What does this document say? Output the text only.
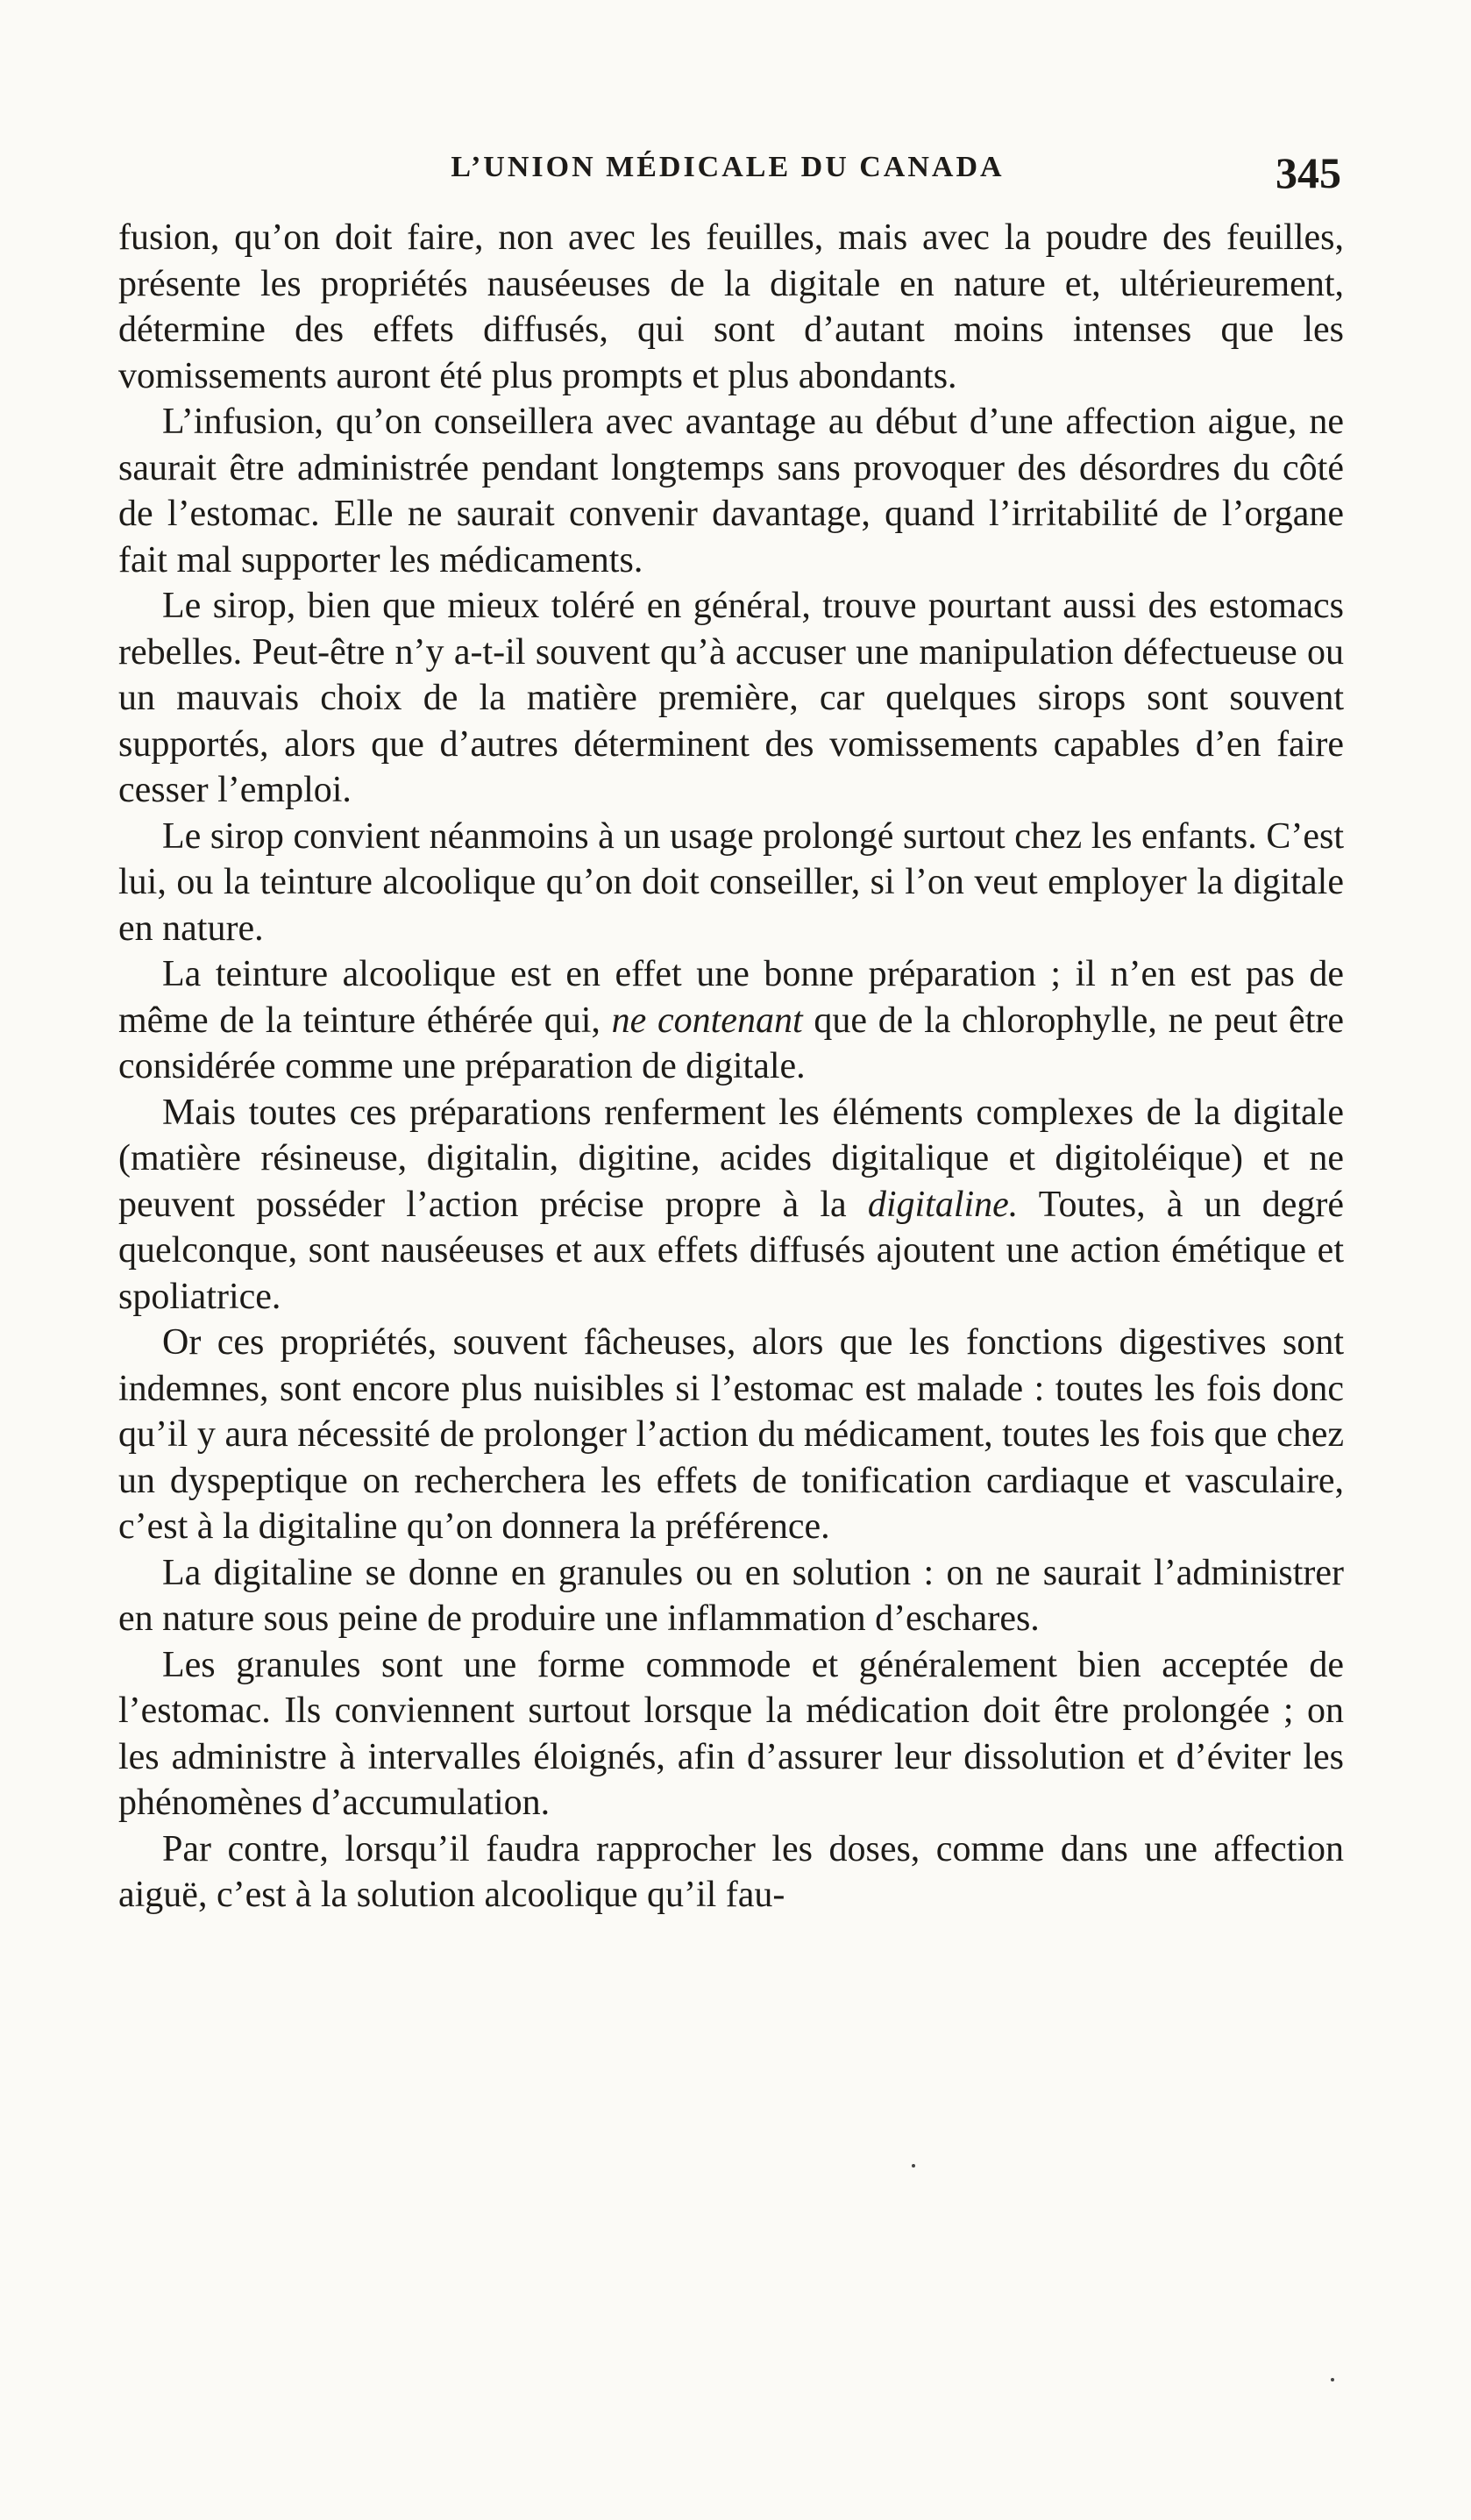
L’UNION MÉDICALE DU CANADA	345

fusion, qu’on doit faire, non avec les feuilles, mais avec la poudre des feuilles, présente les propriétés nauséeuses de la digitale en nature et, ultérieurement, détermine des effets diffusés, qui sont d’autant moins intenses que les vomissements auront été plus prompts et plus abondants.

L’infusion, qu’on conseillera avec avantage au début d’une affection aigue, ne saurait être administrée pendant longtemps sans provoquer des désordres du côté de l’estomac. Elle ne saurait convenir davantage, quand l’irritabilité de l’organe fait mal supporter les médicaments.

Le sirop, bien que mieux toléré en général, trouve pourtant aussi des estomacs rebelles. Peut-être n’y a-t-il souvent qu’à accuser une manipulation défectueuse ou un mauvais choix de la matière première, car quelques sirops sont souvent supportés, alors que d’autres déterminent des vomissements capables d’en faire cesser l’emploi.

Le sirop convient néanmoins à un usage prolongé surtout chez les enfants. C’est lui, ou la teinture alcoolique qu’on doit conseiller, si l’on veut employer la digitale en nature.

La teinture alcoolique est en effet une bonne préparation ; il n’en est pas de même de la teinture éthérée qui, ne contenant que de la chlorophylle, ne peut être considérée comme une préparation de digitale.

Mais toutes ces préparations renferment les éléments complexes de la digitale (matière résineuse, digitalin, digitine, acides digitalique et digitoléique) et ne peuvent posséder l’action précise propre à la digitaline. Toutes, à un degré quelconque, sont nauséeuses et aux effets diffusés ajoutent une action émétique et spoliatrice.

Or ces propriétés, souvent fâcheuses, alors que les fonctions digestives sont indemnes, sont encore plus nuisibles si l’estomac est malade : toutes les fois donc qu’il y aura nécessité de prolonger l’action du médicament, toutes les fois que chez un dyspeptique on recherchera les effets de tonification cardiaque et vasculaire, c’est à la digitaline qu’on donnera la préférence.

La digitaline se donne en granules ou en solution : on ne saurait l’administrer en nature sous peine de produire une inflammation d’eschares.

Les granules sont une forme commode et généralement bien acceptée de l’estomac. Ils conviennent surtout lorsque la médication doit être prolongée ; on les administre à intervalles éloignés, afin d’assurer leur dissolution et d’éviter les phénomènes d’accumulation.

Par contre, lorsqu’il faudra rapprocher les doses, comme dans une affection aiguë, c’est à la solution alcoolique qu’il fau-
